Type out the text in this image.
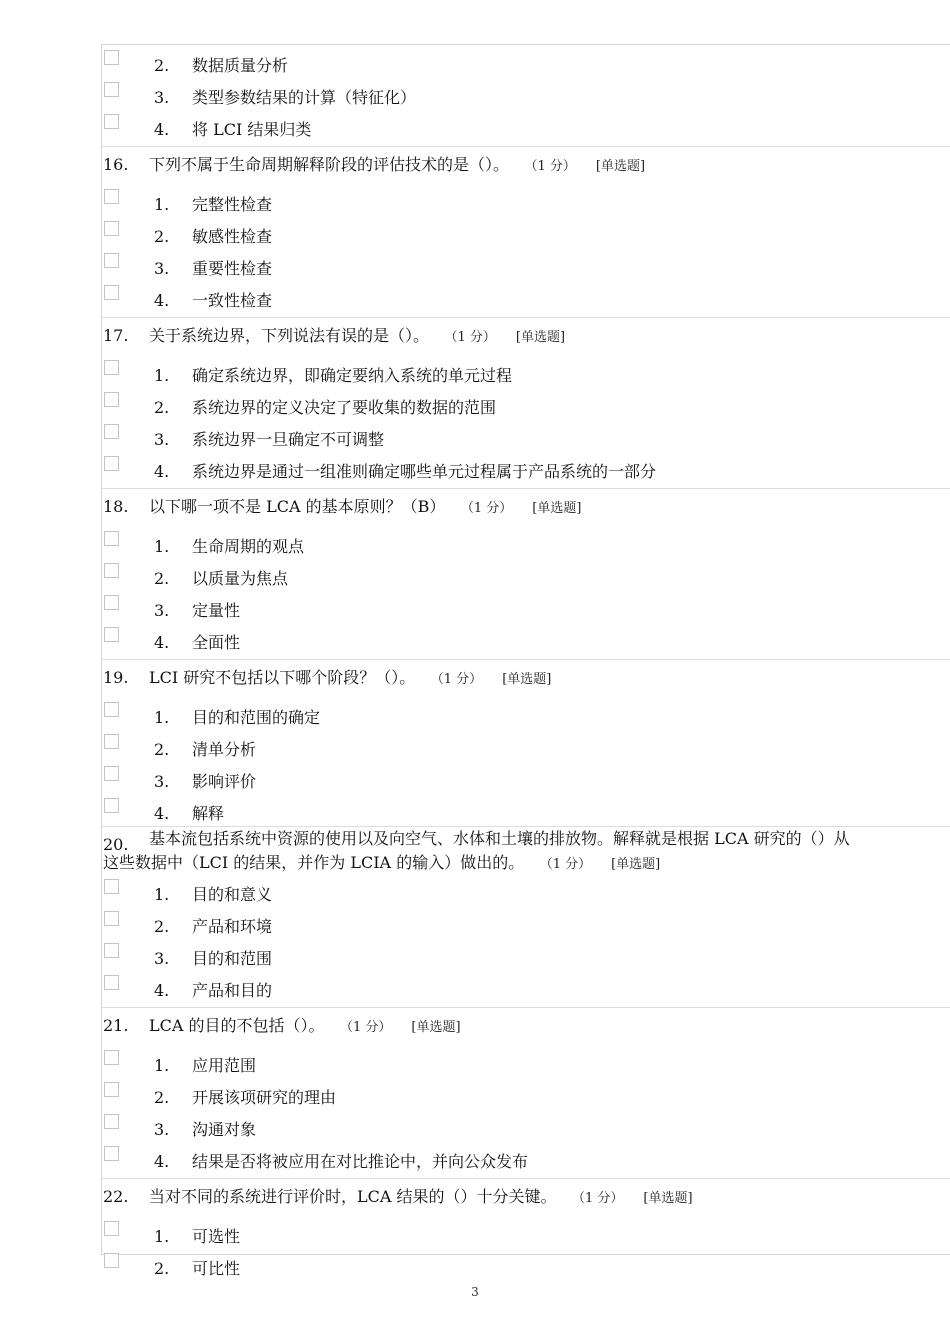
2. 数据质量分析
3. 类型参数结果的计算（特征化）
4. 将 LCI 结果归类
16. 下列不属于生命周期解释阶段的评估技术的是（）。 （1 分） [单选题]
1. 完整性检查
2. 敏感性检查
3. 重要性检查
4. 一致性检查
17. 关于系统边界，下列说法有误的是（）。 （1 分） [单选题]
1. 确定系统边界，即确定要纳入系统的单元过程
2. 系统边界的定义决定了要收集的数据的范围
3. 系统边界一旦确定不可调整
4. 系统边界是通过一组准则确定哪些单元过程属于产品系统的一部分
18. 以下哪一项不是 LCA 的基本原则？（B） （1 分） [单选题]
1. 生命周期的观点
2. 以质量为焦点
3. 定量性
4. 全面性
19. LCI 研究不包括以下哪个阶段？（）。 （1 分） [单选题]
1. 目的和范围的确定
2. 清单分析
3. 影响评价
4. 解释
20.	基本流包括系统中资源的使用以及向空气、水体和土壤的排放物。解释就是根据 LCA 研究的（）从这些数据中（LCI 的结果，并作为 LCIA 的输入）做出的。 （1 分） [单选题]
1. 目的和意义
2. 产品和环境
3. 目的和范围
4. 产品和目的
21. LCA 的目的不包括（）。 （1 分） [单选题]
1. 应用范围
2. 开展该项研究的理由
3. 沟通对象
4. 结果是否将被应用在对比推论中，并向公众发布
22. 当对不同的系统进行评价时，LCA 结果的（）十分关键。 （1 分） [单选题]
1. 可选性
2. 可比性
3
